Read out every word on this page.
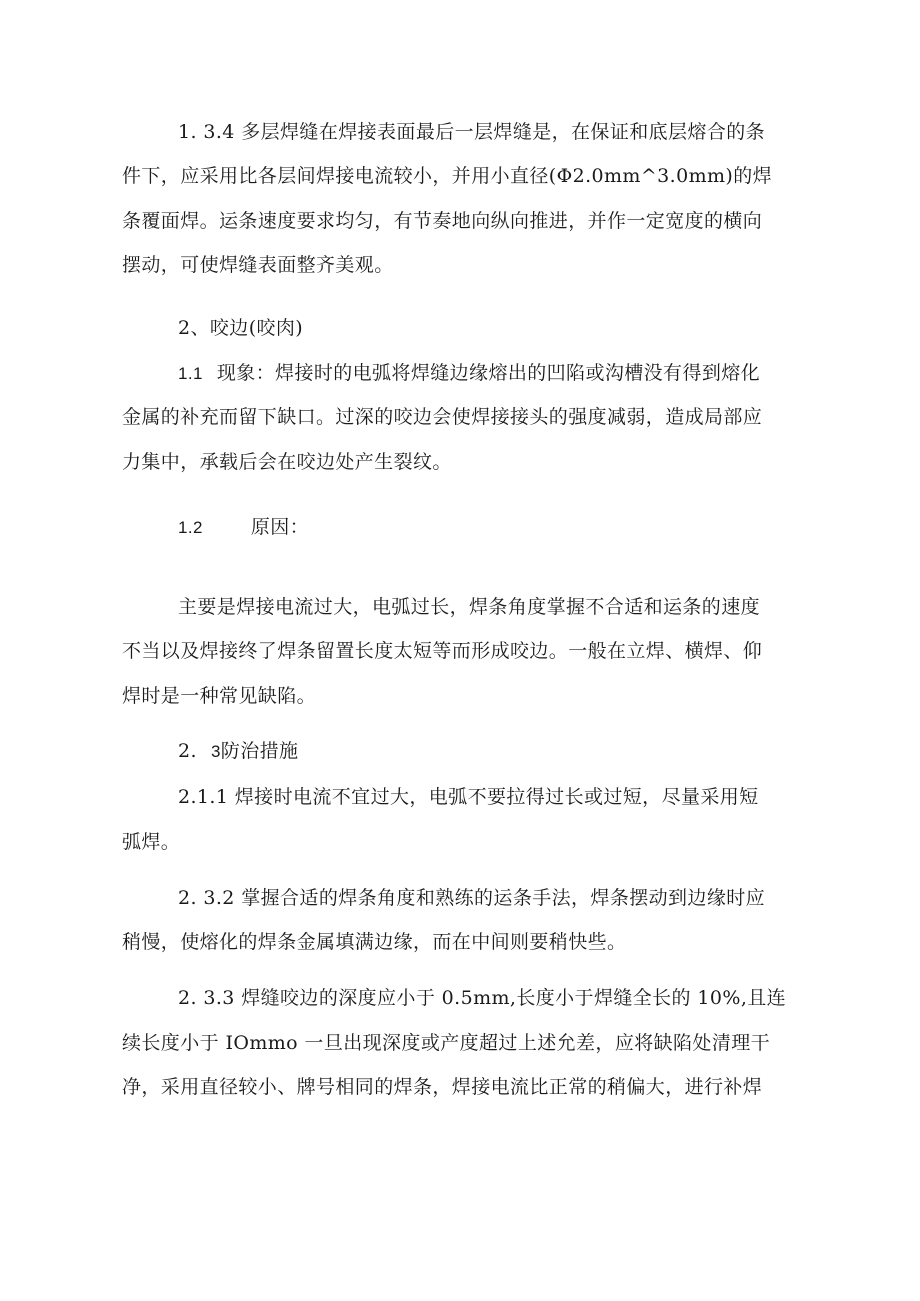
1. 3.4 多层焊缝在焊接表面最后一层焊缝是，在保证和底层熔合的条
件下，应采用比各层间焊接电流较小，并用小直径(Φ2.0mm^3.0mm)的焊
条覆面焊。运条速度要求均匀，有节奏地向纵向推进，并作一定宽度的横向
摆动，可使焊缝表面整齐美观。
2、咬边(咬肉)
1.1 现象：焊接时的电弧将焊缝边缘熔出的凹陷或沟槽没有得到熔化
金属的补充而留下缺口。过深的咬边会使焊接接头的强度减弱，造成局部应
力集中，承载后会在咬边处产生裂纹。
1.2	原因：
主要是焊接电流过大，电弧过长，焊条角度掌握不合适和运条的速度
不当以及焊接终了焊条留置长度太短等而形成咬边。一般在立焊、横焊、仰
焊时是一种常见缺陷。
2. 3防治措施
2.1.1 焊接时电流不宜过大，电弧不要拉得过长或过短，尽量采用短
弧焊。
2. 3.2 掌握合适的焊条角度和熟练的运条手法，焊条摆动到边缘时应
稍慢，使熔化的焊条金属填满边缘，而在中间则要稍快些。
2. 3.3 焊缝咬边的深度应小于 0.5mm,长度小于焊缝全长的 10%,且连
续长度小于 IOmmo 一旦出现深度或产度超过上述允差，应将缺陷处清理干
净，采用直径较小、牌号相同的焊条，焊接电流比正常的稍偏大，进行补焊
